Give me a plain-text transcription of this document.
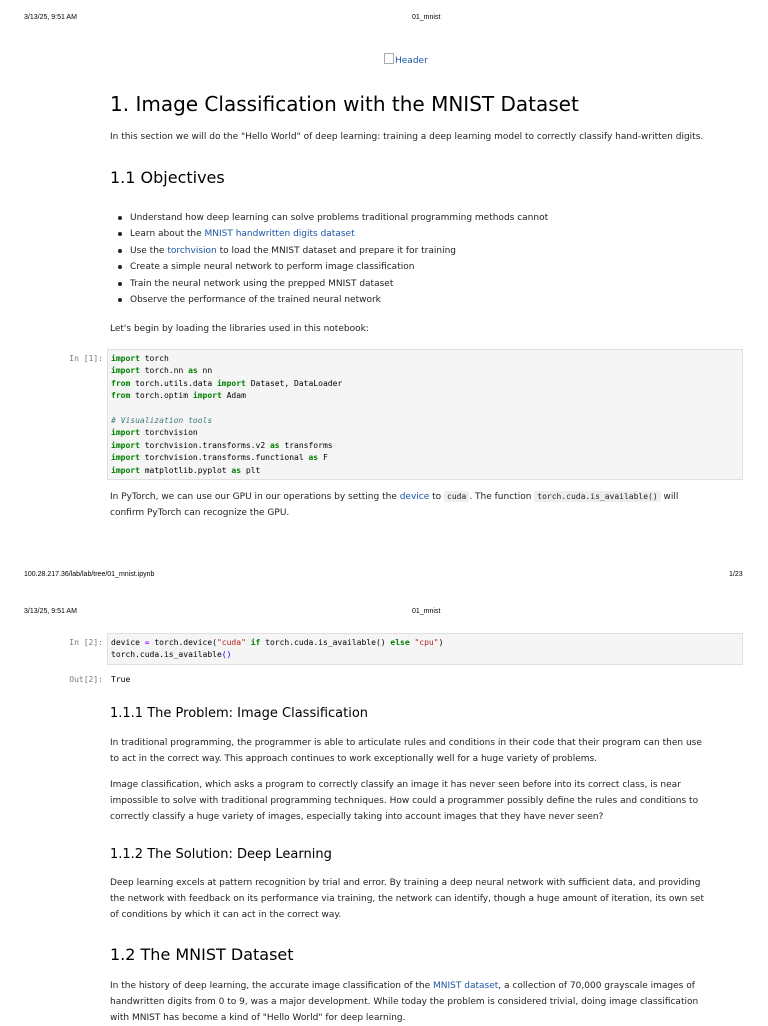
3/13/25, 9:51 AM	01_mnist
Header
1. Image Classification with the MNIST Dataset

In this section we will do the "Hello World" of deep learning: training a deep learning model to correctly classify hand-written digits.

1.1 Objectives
Understand how deep learning can solve problems traditional programming methods cannot
Learn about the MNIST handwritten digits dataset
Use the torchvision to load the MNIST dataset and prepare it for training
Create a simple neural network to perform image classification
Train the neural network using the prepped MNIST dataset
Observe the performance of the trained neural network

Let's begin by loading the libraries used in this notebook:

In [1]: import torch
import torch.nn as nn
from torch.utils.data import Dataset, DataLoader
from torch.optim import Adam
# Visualization tools
import torchvision
import torchvision.transforms.v2 as transforms
import torchvision.transforms.functional as F
import matplotlib.pyplot as plt

In PyTorch, we can use our GPU in our operations by setting the device to cuda . The function torch.cuda.is_available() will

confirm PyTorch can recognize the GPU.

100.28.217.36/lab/lab/tree/01_mnist.ipynb	1/23
3/13/25, 9:51 AM	01_mnist
In [2]: device = torch.device("cuda" if torch.cuda.is_available() else "cpu")
torch.cuda.is_available()
Out[2]: True
1.1.1 The Problem: Image Classification

In traditional programming, the programmer is able to articulate rules and conditions in their code that their program can then use

to act in the correct way. This approach continues to work exceptionally well for a huge variety of problems.

Image classification, which asks a program to correctly classify an image it has never seen before into its correct class, is near

impossible to solve with traditional programming techniques. How could a programmer possibly define the rules and conditions to

correctly classify a huge variety of images, especially taking into account images that they have never seen?

1.1.2 The Solution: Deep Learning

Deep learning excels at pattern recognition by trial and error. By training a deep neural network with sufficient data, and providing

the network with feedback on its performance via training, the network can identify, though a huge amount of iteration, its own set

of conditions by which it can act in the correct way.

1.2 The MNIST Dataset

In the history of deep learning, the accurate image classification of the MNIST dataset, a collection of 70,000 grayscale images of

handwritten digits from 0 to 9, was a major development. While today the problem is considered trivial, doing image classification

with MNIST has become a kind of "Hello World" for deep learning.
